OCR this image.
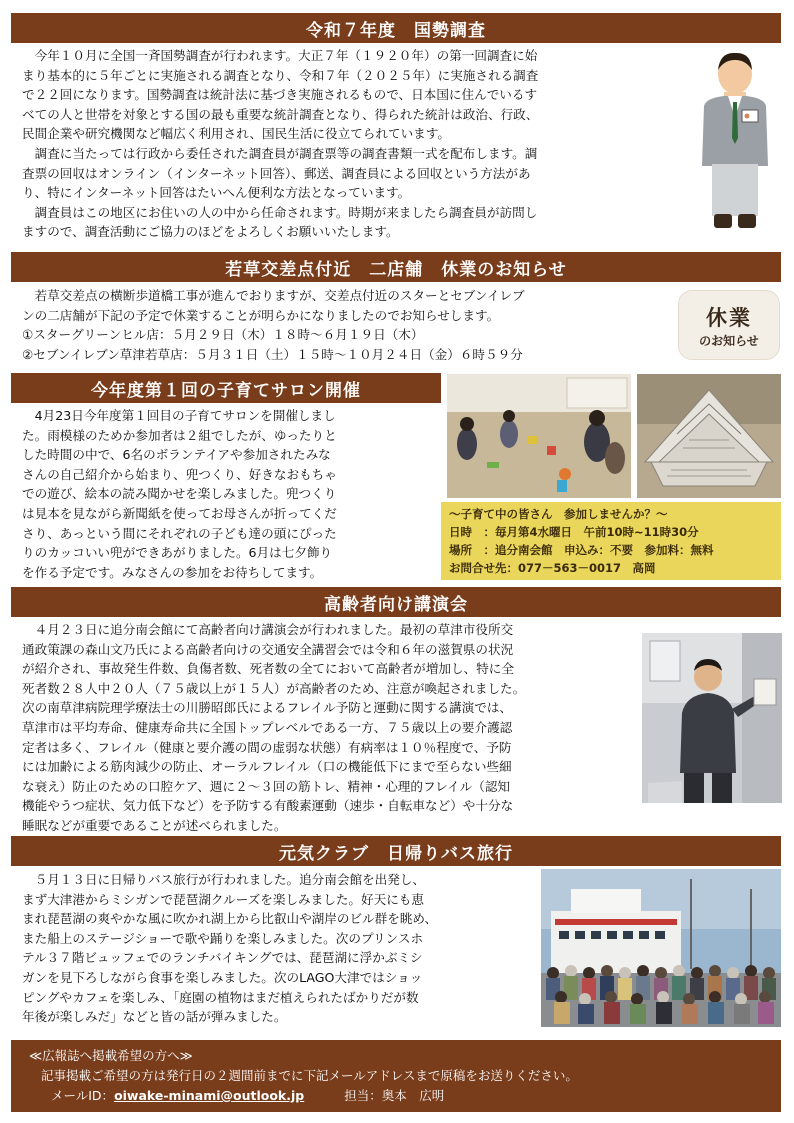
令和７年度　国勢調査
　今年１０月に全国一斉国勢調査が行われます。大正７年（１９２０年）の第一回調査に始
まり基本的に５年ごとに実施される調査となり、令和７年（２０２５年）に実施される調査
で２２回になります。国勢調査は統計法に基づき実施されるもので、日本国に住んでいるす
べての人と世帯を対象とする国の最も重要な統計調査となり、得られた統計は政治、行政、
民間企業や研究機関など幅広く利用され、国民生活に役立てられています。
　調査に当たっては行政から委任された調査員が調査票等の調査書類一式を配布します。調
査票の回収はオンライン（インターネット回答）、郵送、調査員による回収という方法があ
り、特にインターネット回答はたいへん便利な方法となっています。
　調査員はこの地区にお住いの人の中から任命されます。時期が来ましたら調査員が訪問し
ますので、調査活動にご協力のほどをよろしくお願いいたします。
若草交差点付近　二店舗　休業のお知らせ
　若草交差点の横断歩道橋工事が進んでおりますが、交差点付近のスターとセブンイレブ
ンの二店舗が下記の予定で休業することが明らかになりましたのでお知らせします。
①スターグリーンヒル店：５月２９日（木）１８時～６月１９日（木）
②セブンイレブン草津若草店：５月３１日（土）１５時～１０月２４日（金）６時５９分
休業
のお知らせ
今年度第１回の子育てサロン開催
　4月23日今年度第１回目の子育てサロンを開催しまし
た。雨模様のためか参加者は２組でしたが、ゆったりと
した時間の中で、6名のボランテイアや参加されたみな
さんの自己紹介から始まり、兜つくり、好きなおもちゃ
での遊び、絵本の読み聞かせを楽しみました。兜つくり
は見本を見ながら新聞紙を使ってお母さんが折ってくだ
さり、あっという間にそれぞれの子ども達の頭にぴった
りのカッコいい兜ができあがりました。6月は七夕飾り
を作る予定です。みなさんの参加をお待ちしてます。
～子育て中の皆さん　参加しませんか？～
日時　：毎月第4水曜日　午前10時~11時30分
場所　：追分南会館　申込み：不要　参加料：無料
お問合せ先：077－563－0017　高岡
高齢者向け講演会
　４月２３日に追分南会館にて高齢者向け講演会が行われました。最初の草津市役所交
通政策課の森山文乃氏による高齢者向けの交通安全講習会では令和６年の滋賀県の状況
が紹介され、事故発生件数、負傷者数、死者数の全てにおいて高齢者が増加し、特に全
死者数２８人中２０人（７５歳以上が１５人）が高齢者のため、注意が喚起されました。
次の南草津病院理学療法士の川勝昭郎氏によるフレイル予防と運動に関する講演では、
草津市は平均寿命、健康寿命共に全国トップレベルである一方、７５歳以上の要介護認
定者は多く、フレイル（健康と要介護の間の虚弱な状態）有病率は１０％程度で、予防
には加齢による筋肉減少の防止、オーラルフレイル（口の機能低下にまで至らない些細
な衰え）防止のための口腔ケア、週に２～３回の筋トレ、精神・心理的フレイル（認知
機能やうつ症状、気力低下など）を予防する有酸素運動（速歩・自転車など）や十分な
睡眠などが重要であることが述べられました。
元気クラブ　日帰りバス旅行
　５月１３日に日帰りバス旅行が行われました。追分南会館を出発し、
まず大津港からミシガンで琵琶湖クルーズを楽しみました。好天にも恵
まれ琵琶湖の爽やかな風に吹かれ湖上から比叡山や湖岸のビル群を眺め、
また船上のステージショーで歌や踊りを楽しみました。次のプリンスホ
テル３７階ビュッフェでのランチバイキングでは、琵琶湖に浮かぶミシ
ガンを見下ろしながら食事を楽しみました。次のLAGO大津ではショッ
ピングやカフェを楽しみ、「庭園の植物はまだ植えられたばかりだが数
年後が楽しみだ」などと皆の話が弾みました。
≪広報誌へ掲載希望の方へ≫
記事掲載ご希望の方は発行日の２週間前までに下記メールアドレスまで原稿をお送りください。
メールID：oiwake-minami@outlook.jp	担当：奥本　広明
